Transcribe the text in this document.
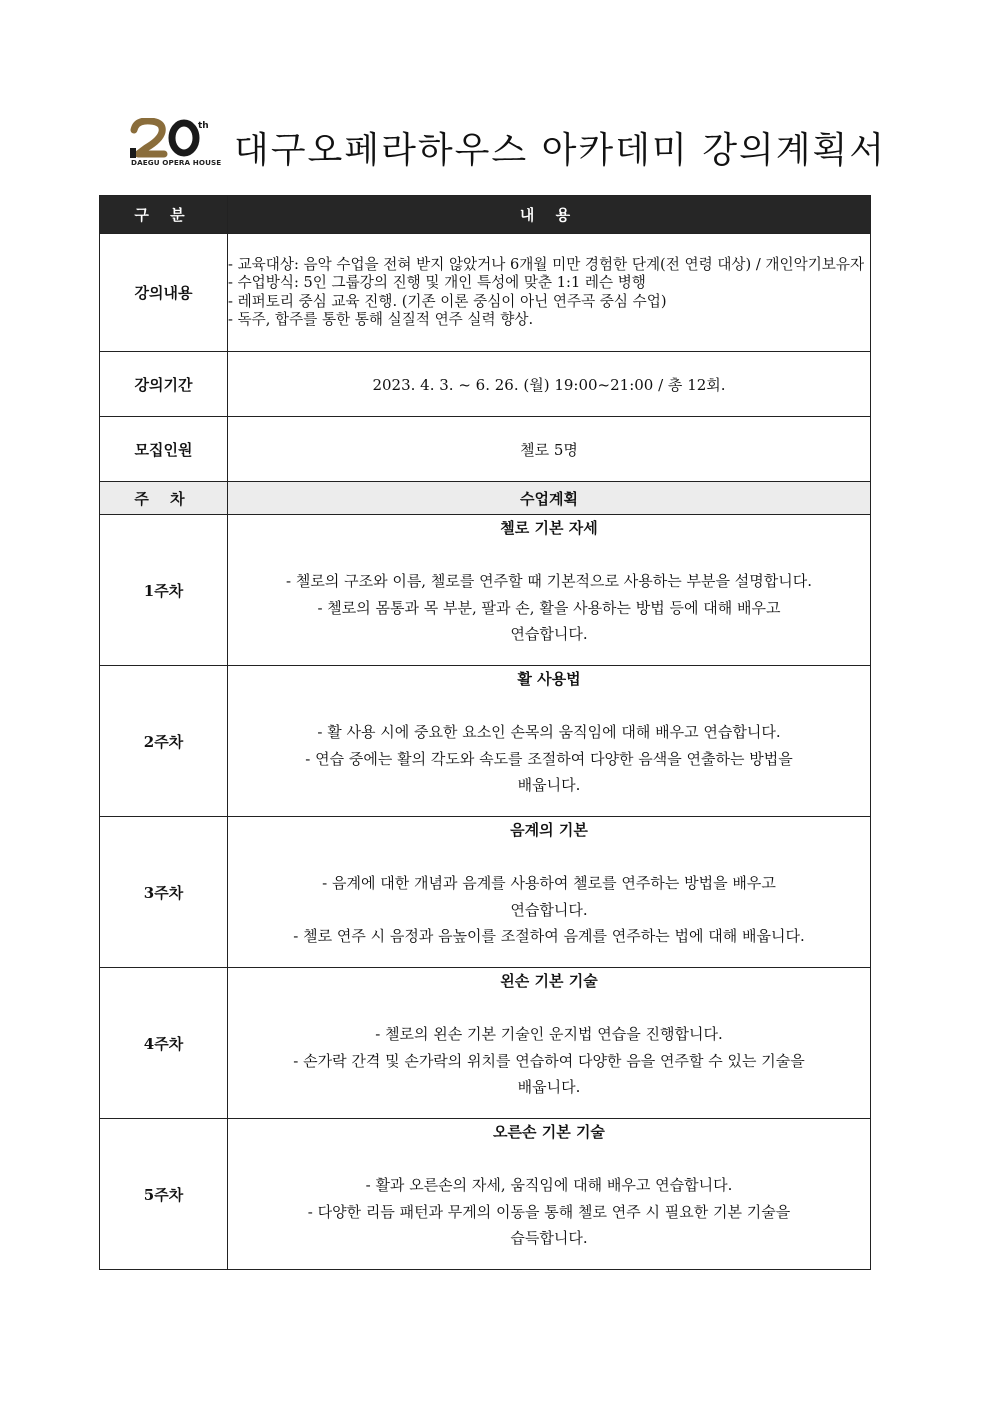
th
DAEGU OPERA HOUSE 대구오페라하우스 아카데미 강의계획서
구 분	내 용
강의내용	- 교육대상: 음악 수업을 전혀 받지 않았거나 6개월 미만 경험한 단계(전 연령 대상) / 개인악기보유자
- 수업방식: 5인 그룹강의 진행 및 개인 특성에 맞춘 1:1 레슨 병행
- 레퍼토리 중심 교육 진행. (기존 이론 중심이 아닌 연주곡 중심 수업)
- 독주, 합주를 통한 통해 실질적 연주 실력 향상.

강의기간	2023. 4. 3. ~ 6. 26. (월) 19:00~21:00 / 총 12회.
모집인원	첼로 5명
주 차	수업계획
1주차	첼로 기본 자세
- 첼로의 구조와 이름, 첼로를 연주할 때 기본적으로 사용하는 부분을 설명합니다.
- 첼로의 몸통과 목 부분, 팔과 손, 활을 사용하는 방법 등에 대해 배우고
연습합니다.

2주차	활 사용법
- 활 사용 시에 중요한 요소인 손목의 움직임에 대해 배우고 연습합니다.
- 연습 중에는 활의 각도와 속도를 조절하여 다양한 음색을 연출하는 방법을
배웁니다.

3주차	음계의 기본
- 음계에 대한 개념과 음계를 사용하여 첼로를 연주하는 방법을 배우고
연습합니다.
- 첼로 연주 시 음정과 음높이를 조절하여 음계를 연주하는 법에 대해 배웁니다.

4주차	왼손 기본 기술
- 첼로의 왼손 기본 기술인 운지법 연습을 진행합니다.
- 손가락 간격 및 손가락의 위치를 연습하여 다양한 음을 연주할 수 있는 기술을
배웁니다.

5주차	오른손 기본 기술
- 활과 오른손의 자세, 움직임에 대해 배우고 연습합니다.
- 다양한 리듬 패턴과 무게의 이동을 통해 첼로 연주 시 필요한 기본 기술을
습득합니다.
